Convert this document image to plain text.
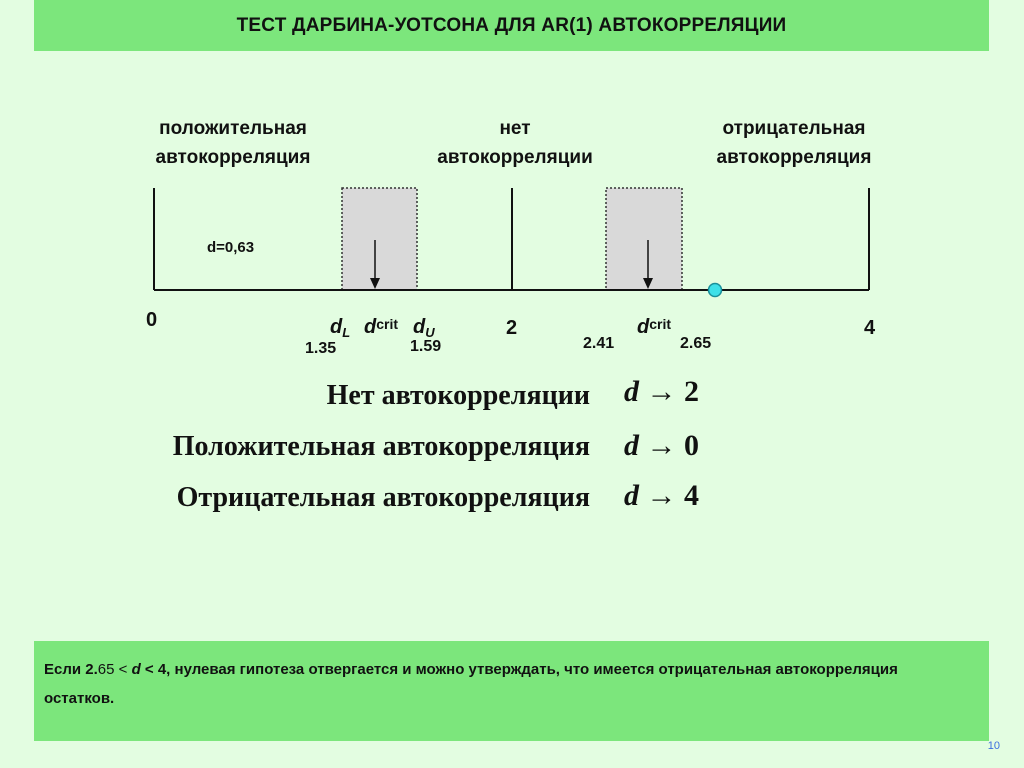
ТЕСТ ДАРБИНА-УОТСОНА ДЛЯ AR(1) АВТОКОРРЕЛЯЦИИ
положительная
автокорреляция
нет
автокорреляции
отрицательная
автокорреляция
d=0,63
0	2	4
$d_L$ $d_{crit}$ $d_U$	$d_{crit}$
1.35	1.59	2.41	2.65
Нет автокорреляции d → 2
Положительная автокорреляция d → 0
Отрицательная автокорреляция d → 4

Если 2.65 < d < 4, нулевая гипотеза отвергается и можно утверждать, что имеется отрицательная автокорреляция остатков.

10
